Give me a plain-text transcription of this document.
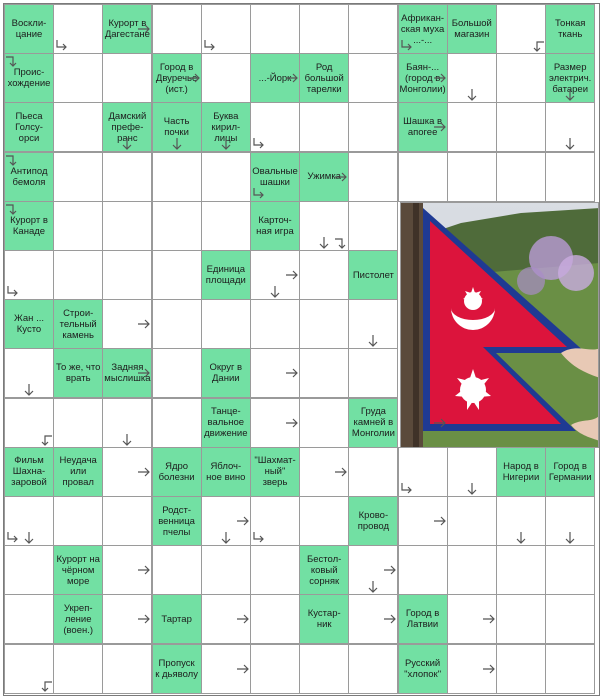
Воскли-
цание
Курорт в
Дагестане
Африкан-
ская муха
...-...
Большой
магазин
Тонкая
ткань
Проис-
хождение
Город в
Двуречье
(ист.)
...-Йорк
Род
большой
тарелки
Баян-...
(город в
Монголии)
Размер
электрич.
батареи
Пьеса
Голсу-
орси
Дамский
префе-
ранс
Часть
почки
Буква
кирил-
лицы
Шашка в
апогее
Антипод
бемоля
Овальные
шашки	Ужимка
Курорт в
Канаде
Карточ-
ная игра
Единица
площади	Пистолет
Жан ...
Кусто
Строи-
тельный
камень
То же, что
врать
Задняя
мыслишка
Округ в
Дании
Танце-
вальное
движение
Груда
камней в
Монголии
Фильм
Шахна-
заровой
Неудача
или
провал
Ядро
болезни
Яблоч-
ное вино
"Шахмат-
ный"
зверь
Народ в
Нигерии
Город в
Германии
Родст-
венница
пчелы
Крово-
провод
Курорт на
чёрном
море
Бестол-
ковый
сорняк
Укреп-
ление
(воен.)
Тартар	Кустар-
ник
Город в
Латвии
Пропуск
к дьяволу
Русский
"хлопок"
